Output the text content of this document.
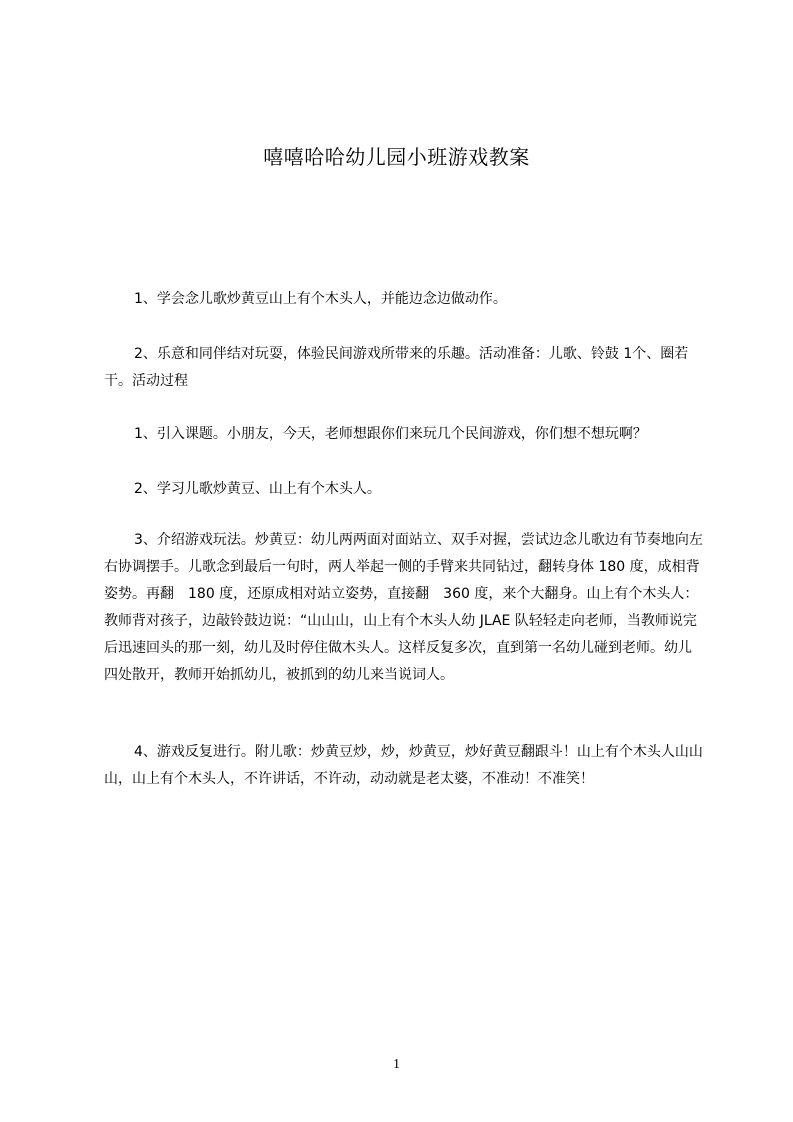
嘻嘻哈哈幼儿园小班游戏教案

1、学会念儿歌炒黄豆山上有个木头人，并能边念边做动作。

2、乐意和同伴结对玩耍，体验民间游戏所带来的乐趣。活动准备：儿歌、铃鼓 1个、圈若干。活动过程

1、引入课题。小朋友，今天，老师想跟你们来玩几个民间游戏，你们想不想玩啊？

2、学习儿歌炒黄豆、山上有个木头人。

3、介绍游戏玩法。炒黄豆：幼儿两两面对面站立、双手对握，尝试边念儿歌边有节奏地向左右协调摆手。儿歌念到最后一句时，两人举起一侧的手臂来共同钻过，翻转身体 180 度，成相背姿势。再翻　180 度，还原成相对站立姿势，直接翻　360 度，来个大翻身。山上有个木头人：教师背对孩子，边敲铃鼓边说：“山山山，山上有个木头人幼 JLAE 队轻轻走向老师，当教师说完后迅速回头的那一刻，幼儿及时停住做木头人。这样反复多次，直到第一名幼儿碰到老师。幼儿四处散开，教师开始抓幼儿，被抓到的幼儿来当说词人。

4、游戏反复进行。附儿歌：炒黄豆炒，炒，炒黄豆，炒好黄豆翻跟斗！山上有个木头人山山山，山上有个木头人，不许讲话，不许动，动动就是老太婆，不准动！不准笑！

1
